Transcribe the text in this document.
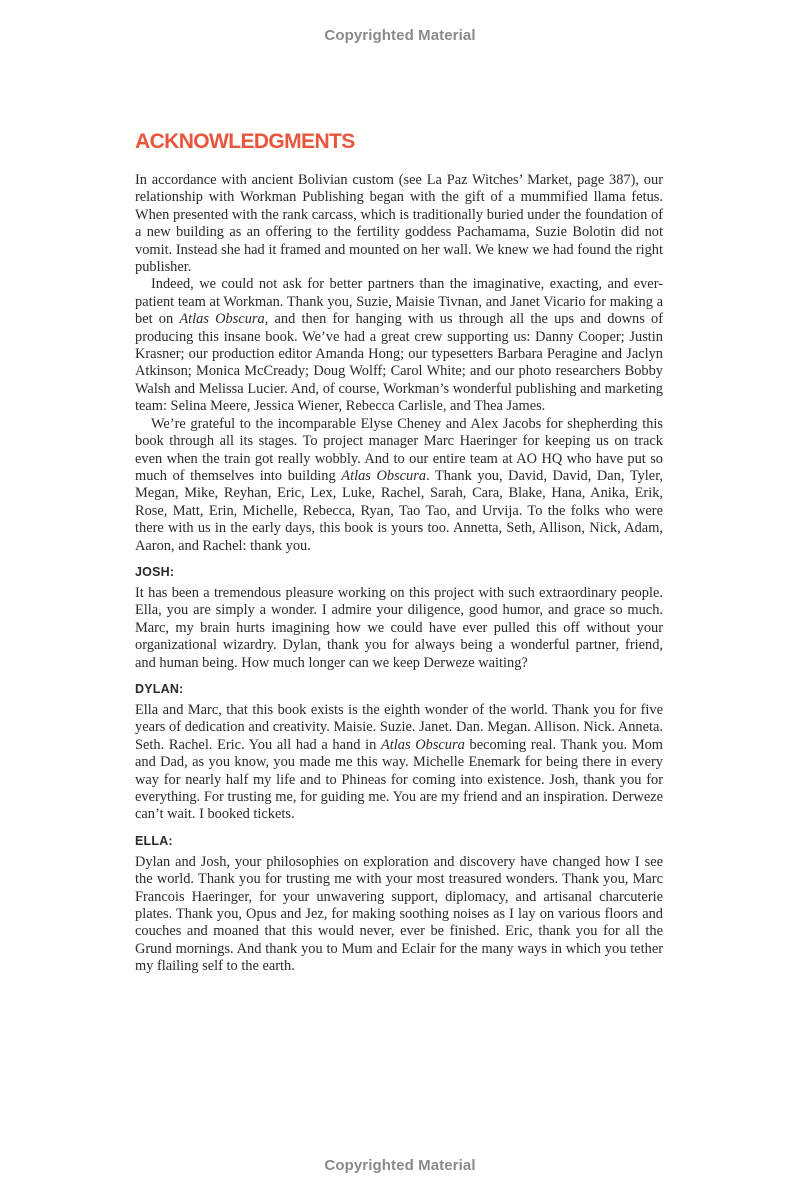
Copyrighted Material
ACKNOWLEDGMENTS

In accordance with ancient Bolivian custom (see La Paz Witches’ Market, page 387), our relationship with Workman Publishing began with the gift of a mummified llama fetus. When presented with the rank carcass, which is traditionally buried under the foundation of a new building as an offering to the fertility goddess Pachamama, Suzie Bolotin did not vomit. Instead she had it framed and mounted on her wall. We knew we had found the right publisher.

Indeed, we could not ask for better partners than the imaginative, exacting, and ever-patient team at Workman. Thank you, Suzie, Maisie Tivnan, and Janet Vicario for making a bet on Atlas Obscura, and then for hanging with us through all the ups and downs of producing this insane book. We’ve had a great crew supporting us: Danny Cooper; Justin Krasner; our production editor Amanda Hong; our typesetters Barbara Peragine and Jaclyn Atkinson; Monica McCready; Doug Wolff; Carol White; and our photo researchers Bobby Walsh and Melissa Lucier. And, of course, Workman’s wonderful publishing and marketing team: Selina Meere, Jessica Wiener, Rebecca Carlisle, and Thea James.

We’re grateful to the incomparable Elyse Cheney and Alex Jacobs for shepherding this book through all its stages. To project manager Marc Haeringer for keeping us on track even when the train got really wobbly. And to our entire team at AO HQ who have put so much of themselves into building Atlas Obscura. Thank you, David, David, Dan, Tyler, Megan, Mike, Reyhan, Eric, Lex, Luke, Rachel, Sarah, Cara, Blake, Hana, Anika, Erik, Rose, Matt, Erin, Michelle, Rebecca, Ryan, Tao Tao, and Urvija. To the folks who were there with us in the early days, this book is yours too. Annetta, Seth, Allison, Nick, Adam, Aaron, and Rachel: thank you.

JOSH:

It has been a tremendous pleasure working on this project with such extraordinary people. Ella, you are simply a wonder. I admire your diligence, good humor, and grace so much. Marc, my brain hurts imagining how we could have ever pulled this off without your organizational wizardry. Dylan, thank you for always being a wonderful partner, friend, and human being. How much longer can we keep Derweze waiting?

DYLAN:

Ella and Marc, that this book exists is the eighth wonder of the world. Thank you for five years of dedication and creativity. Maisie. Suzie. Janet. Dan. Megan. Allison. Nick. Anneta. Seth. Rachel. Eric. You all had a hand in Atlas Obscura becoming real. Thank you. Mom and Dad, as you know, you made me this way. Michelle Enemark for being there in every way for nearly half my life and to Phineas for coming into existence. Josh, thank you for everything. For trusting me, for guiding me. You are my friend and an inspiration. Derweze can’t wait. I booked tickets.

ELLA:

Dylan and Josh, your philosophies on exploration and discovery have changed how I see the world. Thank you for trusting me with your most treasured wonders. Thank you, Marc Francois Haeringer, for your unwavering support, diplomacy, and artisanal charcuterie plates. Thank you, Opus and Jez, for making soothing noises as I lay on various floors and couches and moaned that this would never, ever be finished. Eric, thank you for all the Grund mornings. And thank you to Mum and Eclair for the many ways in which you tether my flailing self to the earth.

Copyrighted Material
